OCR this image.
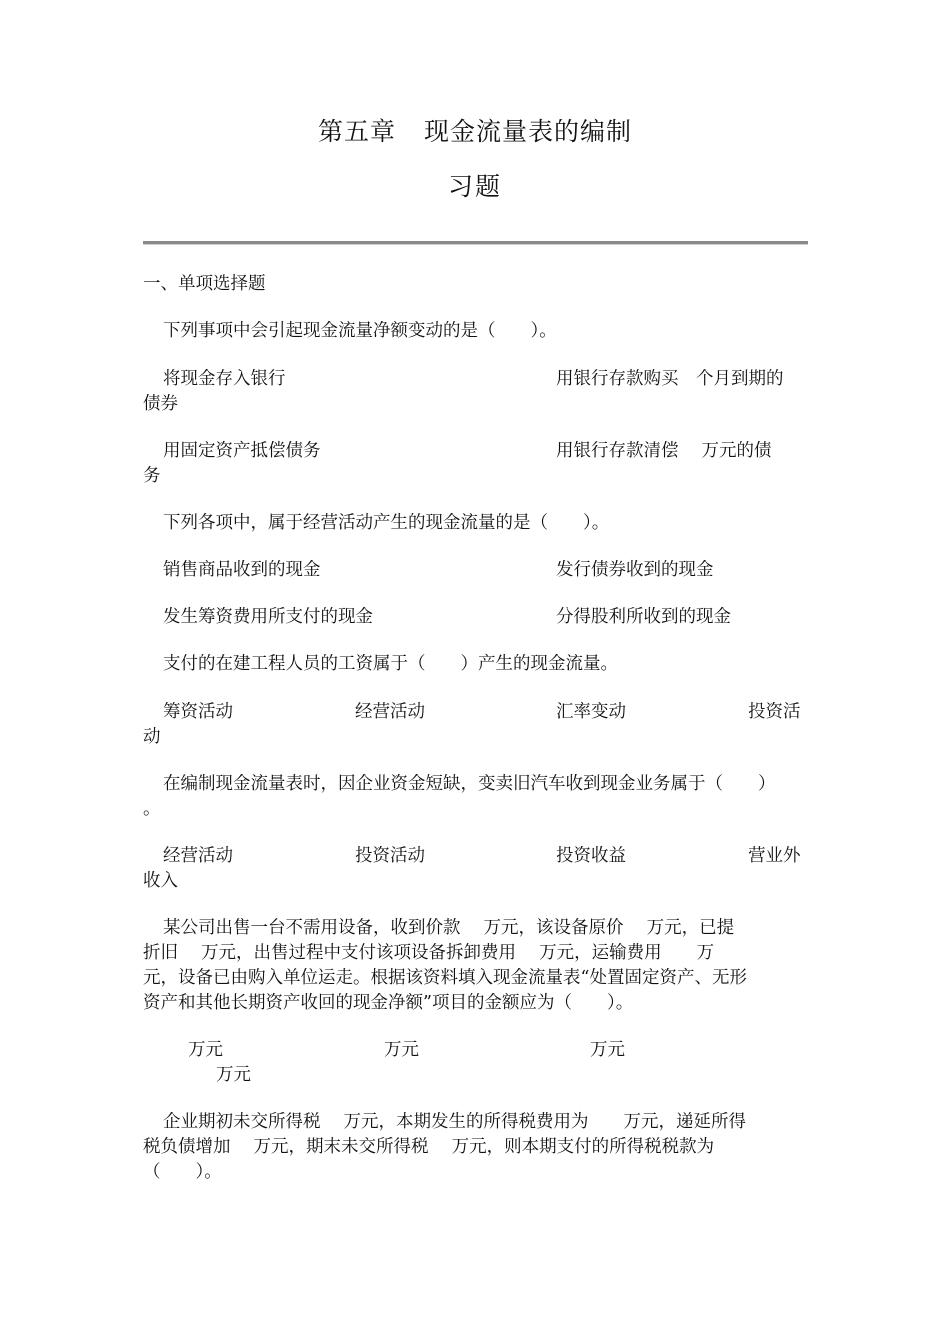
第五章 现金流量表的编制
习题
一、单项选择题
下列事项中会引起现金流量净额变动的是（　　）。
将现金存入银行	用银行存款购买　个月到期的
债券
用固定资产抵偿债务	用银行存款清偿　 万元的债
务
下列各项中，属于经营活动产生的现金流量的是（　　）。
销售商品收到的现金	发行债券收到的现金
发生筹资费用所支付的现金	分得股利所收到的现金
支付的在建工程人员的工资属于（　　）产生的现金流量。
筹资活动	经营活动	汇率变动	投资活
动
在编制现金流量表时，因企业资金短缺，变卖旧汽车收到现金业务属于（　　）
。
经营活动	投资活动	投资收益	营业外
收入
某公司出售一台不需用设备，收到价款　 万元，该设备原价　 万元，已提
折旧　 万元，出售过程中支付该项设备拆卸费用　 万元，运输费用　　万
元，设备已由购入单位运走。根据该资料填入现金流量表“处置固定资产、无形
资产和其他长期资产收回的现金净额”项目的金额应为（　　）。
万元	万元	万元
万元
企业期初未交所得税　 万元，本期发生的所得税费用为　　万元，递延所得
税负债增加　 万元，期末未交所得税　 万元，则本期支付的所得税税款为
（　　）。
